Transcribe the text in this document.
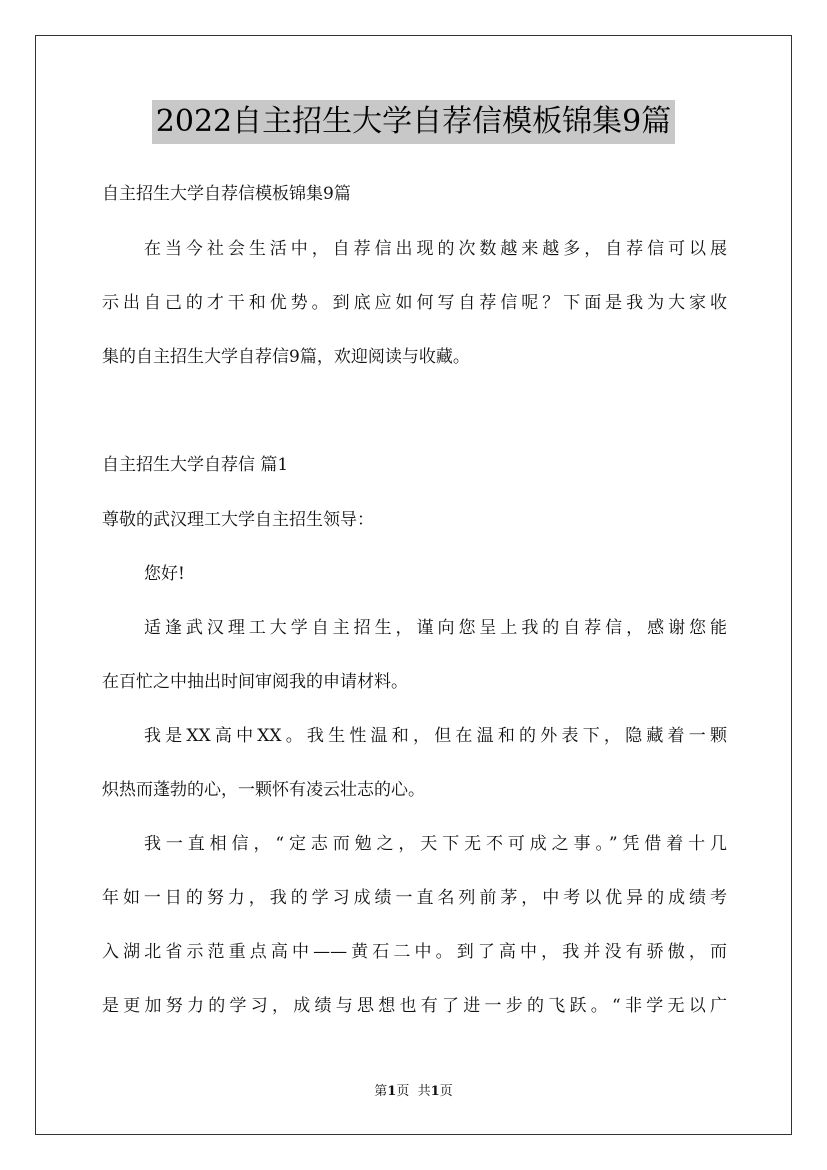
2022自主招生大学自荐信模板锦集9篇
自主招生大学自荐信模板锦集9篇
在当今社会生活中，自荐信出现的次数越来越多，自荐信可以展
示出自己的才干和优势。到底应如何写自荐信呢？下面是我为大家收
集的自主招生大学自荐信9篇，欢迎阅读与收藏。
自主招生大学自荐信 篇1
尊敬的武汉理工大学自主招生领导：
您好!
适逢武汉理工大学自主招生，谨向您呈上我的自荐信，感谢您能
在百忙之中抽出时间审阅我的申请材料。
我是XX高中XX。我生性温和，但在温和的外表下，隐藏着一颗
炽热而蓬勃的心，一颗怀有凌云壮志的心。
我一直相信，“定志而勉之，天下无不可成之事。”凭借着十几
年如一日的努力，我的学习成绩一直名列前茅，中考以优异的成绩考
入湖北省示范重点高中——黄石二中。到了高中，我并没有骄傲，而
是更加努力的学习，成绩与思想也有了进一步的飞跃。“非学无以广
第1页 共1页
